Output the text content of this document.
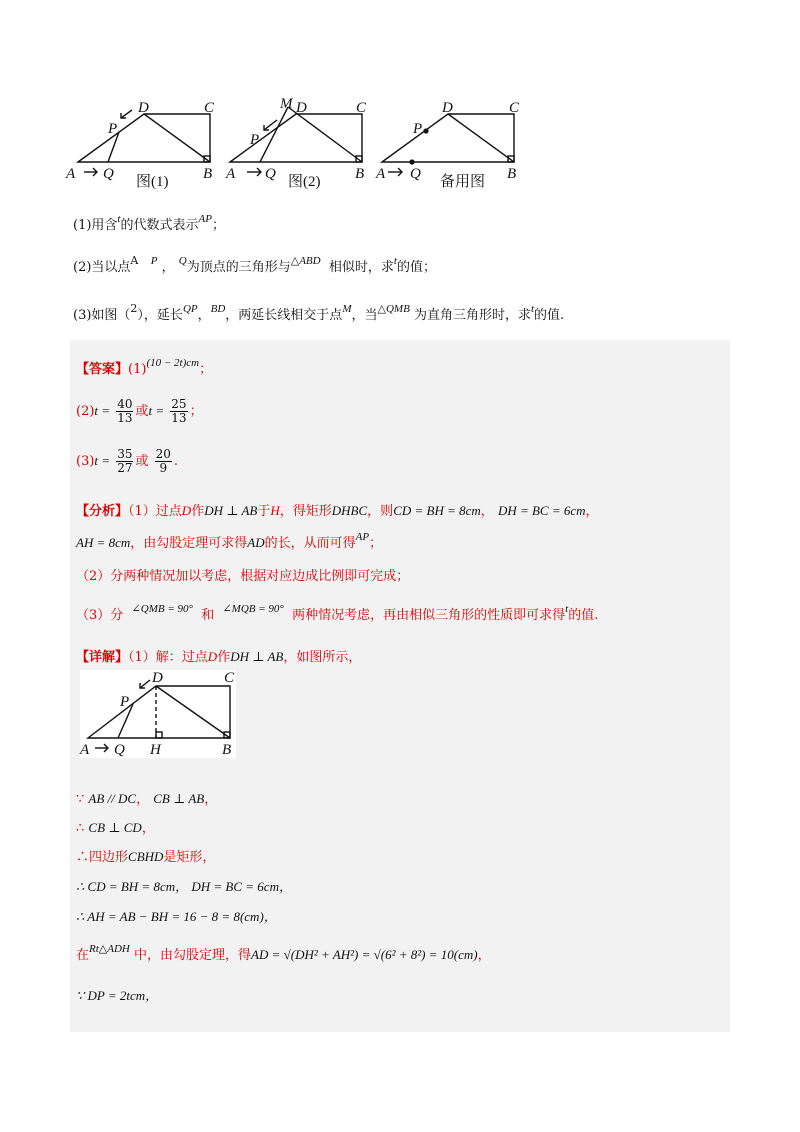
A Q
P
D	C
B
图(1)	A Q
P
M D	C
B
图(2)	A Q
P
D	C
B
备用图
(1)用含$^t$的代数式表示$^{AP}$；
(2)当以点$^A$ $^P$ ， $^Q$为顶点的三角形与$^{\triangle ABD}$ 相似时，求$^t$的值；
(3)如图（$^2$），延长$^{QP}$，$^{BD}$，两延长线相交于点$^M$，当$^{\triangle QMB}$ 为直角三角形时，求$^t$的值.
【答案】$(1)^{(10 - 2t)cm}$；
$(2)t = \frac{40}{13}$ 或$t = \frac{25}{13}$ ；
$(3)t = \frac{35}{27}$ 或 $\frac{20}{9}$ .
【分析】（1）过点D作DH ⊥ AB于H，得矩形DHBC，则CD = BH = 8cm， DH = BC = 6cm，
AH = 8cm，由勾股定理可求得AD的长，从而可得$^{AP}$；
（2）分两种情况加以考虑，根据对应边成比例即可完成；
（3）分 $^{\angle QMB = 90^\circ}$ 和 $^{\angle MQB = 90^\circ}$ 两种情况考虑，再由相似三角形的性质即可求得$^t$的值.
【详解】（1）解：过点D作DH ⊥ AB，如图所示，
A Q
P
D	C
B
H
∵ AB // DC， CB ⊥ AB，
∴ CB ⊥ CD，
∴四边形CBHD是矩形，
∴ CD = BH = 8cm， DH = BC = 6cm，
∴ AH = AB − BH = 16 − 8 = 8(cm)，
在$^{Rt\triangle ADH}$ 中，由勾股定理，得AD = √(DH² + AH²) = √(6² + 8²) = 10(cm)，
∵ DP = 2tcm，
